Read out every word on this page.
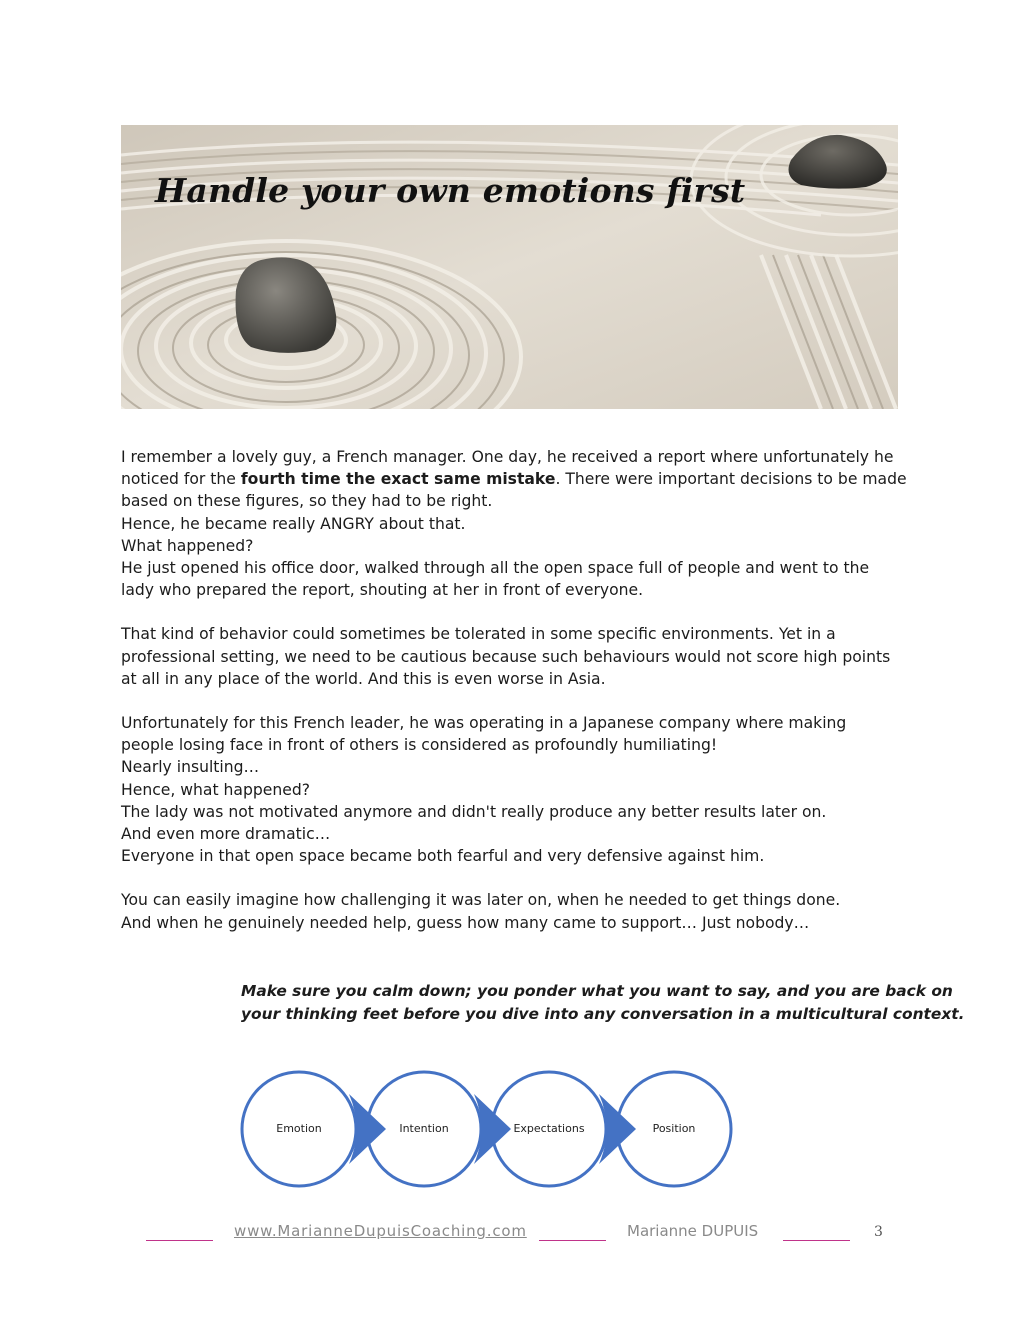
Handle your own emotions first

I remember a lovely guy, a French manager. One day, he received a report where unfortunately he
noticed for the fourth time the exact same mistake. There were important decisions to be made
based on these figures, so they had to be right.
Hence, he became really ANGRY about that.
What happened?
He just opened his office door, walked through all the open space full of people and went to the
lady who prepared the report, shouting at her in front of everyone.

That kind of behavior could sometimes be tolerated in some specific environments. Yet in a
professional setting, we need to be cautious because such behaviours would not score high points
at all in any place of the world. And this is even worse in Asia.

Unfortunately for this French leader, he was operating in a Japanese company where making
people losing face in front of others is considered as profoundly humiliating!
Nearly insulting…
Hence, what happened?
The lady was not motivated anymore and didn't really produce any better results later on.
And even more dramatic…
Everyone in that open space became both fearful and very defensive against him.

You can easily imagine how challenging it was later on, when he needed to get things done.
And when he genuinely needed help, guess how many came to support… Just nobody…

Make sure you calm down; you ponder what you want to say, and you are back on
your thinking feet before you dive into any conversation in a multicultural context.
Emotion	Intention	Expectations	Position
www.MarianneDupuisCoaching.com	Marianne DUPUIS	3
